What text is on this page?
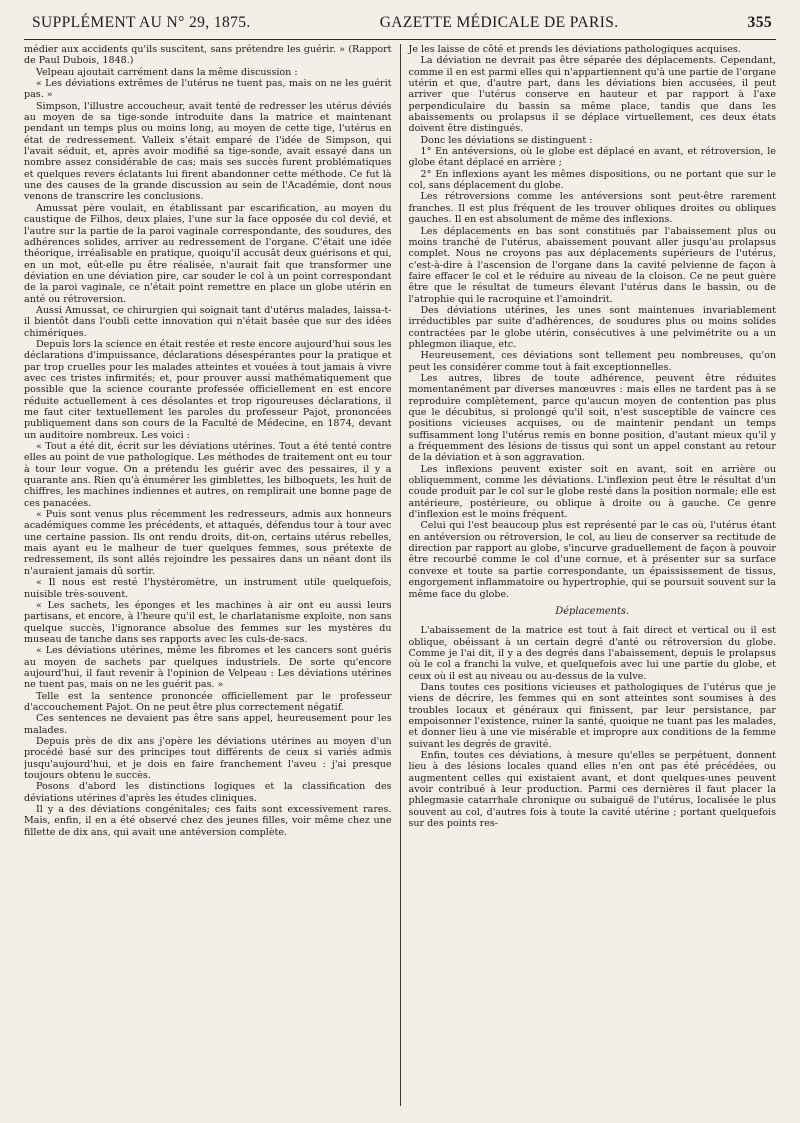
SUPPLÉMENT AU N° 29, 1875.	GAZETTE MÉDICALE DE PARIS.	355

médier aux accidents qu'ils suscitent, sans prétendre les guérir. » (Rapport de Paul Dubois, 1848.)

Velpeau ajoutait carrément dans la même discussion :

« Les déviations extrêmes de l'utérus ne tuent pas, mais on ne les guérit pas. »

Simpson, l'illustre accoucheur, avait tenté de redresser les utérus déviés au moyen de sa tige-sonde introduite dans la matrice et maintenant pendant un temps plus ou moins long, au moyen de cette tige, l'utérus en état de redressement. Valleix s'était emparé de l'idée de Simpson, qui l'avait séduit, et, après avoir modifié sa tige-sonde, avait essayé dans un nombre assez considérable de cas; mais ses succès furent problématiques et quelques revers éclatants lui firent abandonner cette méthode. Ce fut là une des causes de la grande discussion au sein de l'Académie, dont nous venons de transcrire les conclusions.

Amussat père voulait, en établissant par escarification, au moyen du caustique de Filhos, deux plaies, l'une sur la face opposée du col devié, et l'autre sur la partie de la paroi vaginale correspondante, des soudures, des adhérences solides, arriver au redressement de l'organe. C'était une idée théorique, irréalisable en pratique, quoiqu'il accusât deux guérisons et qui, en un mot, eût-elle pu être réalisée, n'aurait fait que transformer une déviation en une déviation pire, car souder le col à un point correspondant de la paroi vaginale, ce n'était point remettre en place un globe utérin en anté ou rétroversion.

Aussi Amussat, ce chirurgien qui soignait tant d'utérus malades, laissa-t-il bientôt dans l'oubli cette innovation qui n'était basée que sur des idées chimériques.

Depuis lors la science en était restée et reste encore aujourd'hui sous les déclarations d'impuissance, déclarations désespérantes pour la pratique et par trop cruelles pour les malades atteintes et vouées à tout jamais à vivre avec ces tristes infirmités; et, pour prouver aussi mathématiquement que possible que la science courante professée officiellement en est encore réduite actuellement à ces désolantes et trop rigoureuses déclarations, il me faut citer textuellement les paroles du professeur Pajot, prononcées publiquement dans son cours de la Faculté de Médecine, en 1874, devant un auditoire nombreux. Les voici :

« Tout a été dit, écrit sur les déviations utérines. Tout a été tenté contre elles au point de vue pathologique. Les méthodes de traitement ont eu tour à tour leur vogue. On a prétendu les guérir avec des pessaires, il y a quarante ans. Rien qu'à énumérer les gimblettes, les bilboquets, les huit de chiffres, les machines indiennes et autres, on remplirait une bonne page de ces panacées.

« Puis sont venus plus récemment les redresseurs, admis aux honneurs académiques comme les précédents, et attaqués, défendus tour à tour avec une certaine passion. Ils ont rendu droits, dit-on, certains utérus rebelles, mais ayant eu le malheur de tuer quelques femmes, sous prétexte de redressement, ils sont allés rejoindre les pessaires dans un néant dont ils n'auraient jamais dû sortir.

« Il nous est resté l'hystéromètre, un instrument utile quelquefois, nuisible très-souvent.

« Les sachets, les éponges et les machines à air ont eu aussi leurs partisans, et encore, à l'heure qu'il est, le charlatanisme exploite, non sans quelque succès, l'ignorance absolue des femmes sur les mystères du museau de tanche dans ses rapports avec les culs-de-sacs.

« Les déviations utérines, même les fibromes et les cancers sont guéris au moyen de sachets par quelques industriels. De sorte qu'encore aujourd'hui, il faut revenir à l'opinion de Velpeau : Les déviations utérines ne tuent pas, mais on ne les guérit pas. »

Telle est la sentence prononcée officiellement par le professeur d'accouchement Pajot. On ne peut être plus correctement négatif.

Ces sentences ne devaient pas être sans appel, heureusement pour les malades.

Depuis près de dix ans j'opère les déviations utérines au moyen d'un procédé basé sur des principes tout différents de ceux si variés admis jusqu'aujourd'hui, et je dois en faire franchement l'aveu : j'ai presque toujours obtenu le succès.

Posons d'abord les distinctions logiques et la classification des déviations utérines d'après les études cliniques.

Il y a des déviations congénitales; ces faits sont excessivement rares. Mais, enfin, il en a été observé chez des jeunes filles, voir même chez une fillette de dix ans, qui avait une antéversion complète.

Je les laisse de côté et prends les déviations pathologiques acquises.

La déviation ne devrait pas être séparée des déplacements. Cependant, comme il en est parmi elles qui n'appartiennent qu'à une partie de l'organe utérin et que, d'autre part, dans les déviations bien accusées, il peut arriver que l'utérus conserve en hauteur et par rapport à l'axe perpendiculaire du bassin sa même place, tandis que dans les abaissements ou prolapsus il se déplace virtuellement, ces deux états doivent être distingués.

Donc les déviations se distinguent :

1° En antéversions, où le globe est déplacé en avant, et rétroversion, le globe étant déplacé en arrière ;

2° En inflexions ayant les mêmes dispositions, ou ne portant que sur le col, sans déplacement du globe.

Les rétroversions comme les antéversions sont peut-être rarement franches. Il est plus fréquent de les trouver obliques droites ou obliques gauches. Il en est absolument de même des inflexions.

Les déplacements en bas sont constitués par l'abaissement plus ou moins tranché de l'utérus, abaissement pouvant aller jusqu'au prolapsus complet. Nous ne croyons pas aux déplacements supérieurs de l'utérus, c'est-à-dire à l'ascension de l'organe dans la cavité pelvienne de façon à faire effacer le col et le réduire au niveau de la cloison. Ce ne peut guère être que le résultat de tumeurs élevant l'utérus dans le bassin, ou de l'atrophie qui le racroquine et l'amoindrit.

Des déviations utérines, les unes sont maintenues invariablement irréductibles par suite d'adhérences, de soudures plus ou moins solides contractées par le globe utérin, consécutives à une pelvimétrite ou a un phlegmon iliaque, etc.

Heureusement, ces déviations sont tellement peu nombreuses, qu'on peut les considérer comme tout à fait exceptionnelles.

Les autres, libres de toute adhérence, peuvent être réduites momentanément par diverses manœuvres : mais elles ne tardent pas à se reproduire complètement, parce qu'aucun moyen de contention pas plus que le décubitus, si prolongé qu'il soit, n'est susceptible de vaincre ces positions vicieuses acquises, ou de maintenir pendant un temps suffisamment long l'utérus remis en bonne position, d'autant mieux qu'il y a fréquemment des lésions de tissus qui sont un appel constant au retour de la déviation et à son aggravation.

Les inflexions peuvent exister soit en avant, soit en arrière ou obliquemment, comme les déviations. L'inflexion peut être le résultat d'un coude produit par le col sur le globe resté dans la position normale; elle est antérieure, postérieure, ou oblique à droite ou à gauche. Ce genre d'inflexion est le moins fréquent.

Celui qui l'est beaucoup plus est représenté par le cas où, l'utérus étant en antéversion ou rétroversion, le col, au lieu de conserver sa rectitude de direction par rapport au globe, s'incurve graduellement de façon à pouvoir être recourbé comme le col d'une cornue, et à présenter sur sa surface convexe et toute sa partie correspondante, un épaississement de tissus, engorgement inflammatoire ou hypertrophie, qui se poursuit souvent sur la même face du globe.

Déplacements.

L'abaissement de la matrice est tout à fait direct et vertical ou il est oblique, obéissant à un certain degré d'anté ou rétroversion du globe. Comme je l'ai dit, il y a des degrés dans l'abaissement, depuis le prolapsus où le col a franchi la vulve, et quelquefois avec lui une partie du globe, et ceux où il est au niveau ou au-dessus de la vulve.

Dans toutes ces positions vicieuses et pathologiques de l'utérus que je viens de décrire, les femmes qui en sont atteintes sont soumises à des troubles locaux et généraux qui finissent, par leur persistance, par empoisonner l'existence, ruiner la santé, quoique ne tuant pas les malades, et donner lieu à une vie misérable et impropre aux conditions de la femme suivant les degrés de gravité.

Enfin, toutes ces déviations, à mesure qu'elles se perpétuent, donnent lieu à des lésions locales quand elles n'en ont pas été précédées, ou augmentent celles qui existaient avant, et dont quelques-unes peuvent avoir contribué à leur production. Parmi ces dernières il faut placer la phlegmasie catarrhale chronique ou subaiguë de l'utérus, localisée le plus souvent au col, d'autres fois à toute la cavité utérine ; portant quelquefois sur des points res-
